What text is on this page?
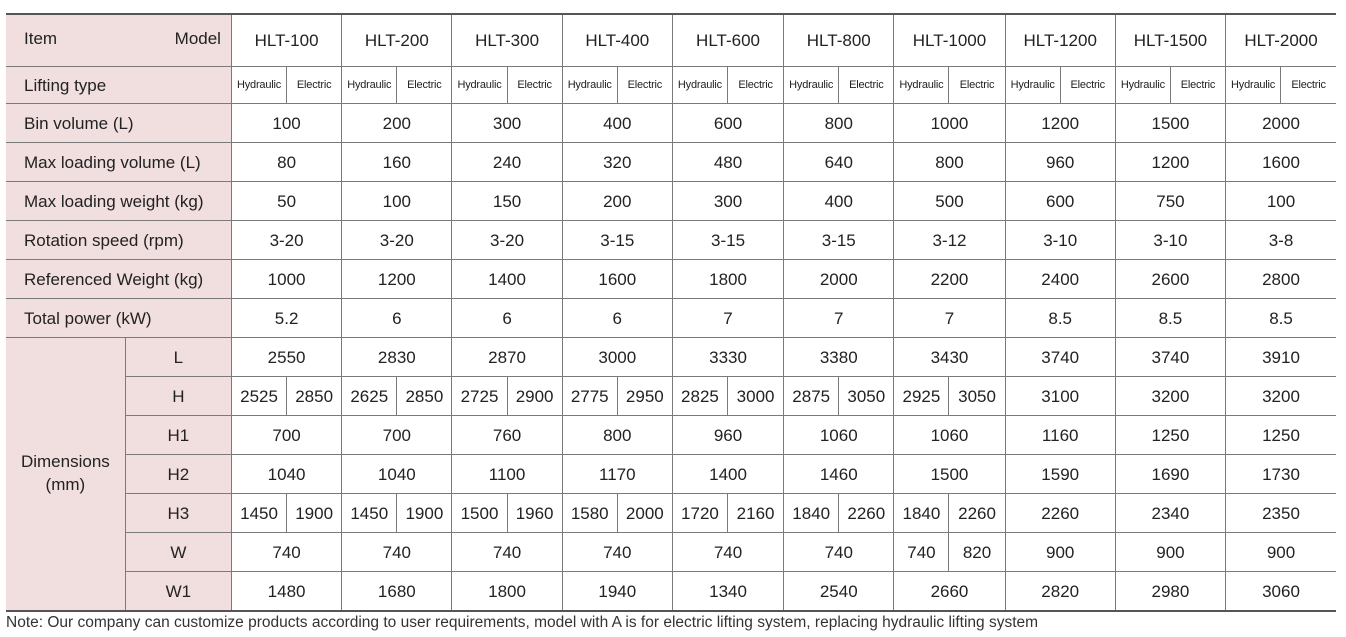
Item Model		HLT-100		HLT-200		HLT-300		HLT-400		HLT-600		HLT-800		HLT-1000		HLT-1200		HLT-1500		HLT-2000	
Lifting type		Hydraulic	Electric	Hydraulic	Electric	Hydraulic	Electric	Hydraulic	Electric	Hydraulic	Electric	Hydraulic	Electric	Hydraulic	Electric	Hydraulic	Electric	Hydraulic	Electric	Hydraulic	Electric
Bin volume (L)		100		200		300		400		600		800		1000		1200		1500		2000	
Max loading volume (L)		80		160		240		320		480		640		800		960		1200		1600	
Max loading weight (kg)		50		100		150		200		300		400		500		600		750		100	
Rotation speed (rpm)		3-20		3-20		3-20		3-15		3-15		3-15		3-12		3-10		3-10		3-8	
Referenced Weight (kg)		1000		1200		1400		1600		1800		2000		2200		2400		2600		2800	
Total power (kW)		5.2		6		6		6		7		7		7		8.5		8.5		8.5	
Dimensions (mm)	L	2550		2830		2870		3000		3330		3380		3430		3740		3740		3910	
	H	2525	2850	2625	2850	2725	2900	2775	2950	2825	3000	2875	3050	2925	3050	3100		3200		3200	
	H1	700		700		760		800		960		1060		1060		1160		1250		1250	
	H2	1040		1040		1100		1170		1400		1460		1500		1590		1690		1730	
	H3	1450	1900	1450	1900	1500	1960	1580	2000	1720	2160	1840	2260	1840	2260	2260		2340		2350	
	W	740		740		740		740		740		740		740	820	900		900		900	
	W1	1480		1680		1800		1940		1340		2540		2660		2820		2980		3060	
Note: Our company can customize products according to user requirements, model with A is for electric lifting system, replacing hydraulic lifting system
